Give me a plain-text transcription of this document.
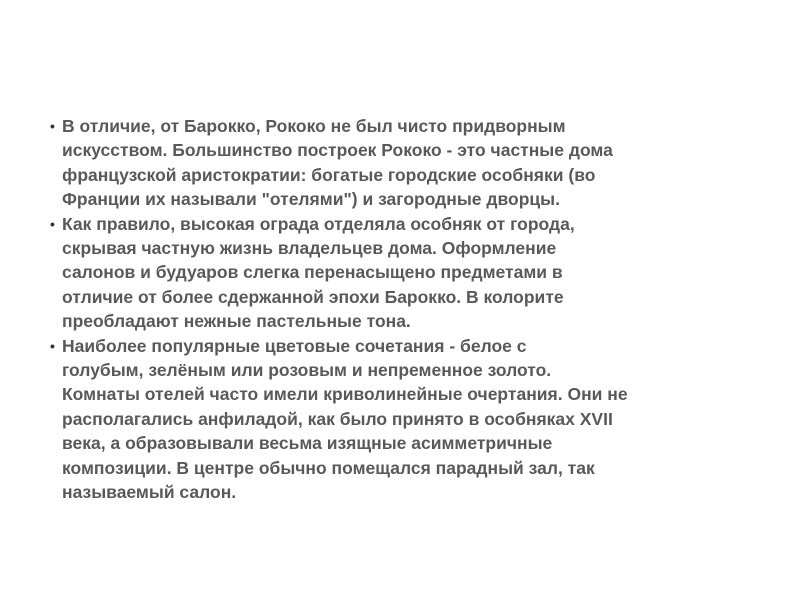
• В отличие, от Барокко, Рококо не был чисто придворным
искусством. Большинство построек Рококо - это частные дома
французской аристократии: богатые городские особняки (во
Франции их называли "отелями") и загородные дворцы.
• Как правило, высокая ограда отделяла особняк от города,
скрывая частную жизнь владельцев дома. Оформление
салонов и будуаров слегка перенасыщено предметами в
отличие от более сдержанной эпохи Барокко. В колорите
преобладают нежные пастельные тона.
• Наиболее популярные цветовые сочетания - белое с
голубым, зелёным или розовым и непременное золото.
Комнаты отелей часто имели криволинейные очертания. Они не
располагались анфиладой, как было принято в особняках XVII
века, а образовывали весьма изящные асимметричные
композиции. В центре обычно помещался парадный зал, так
называемый салон.
